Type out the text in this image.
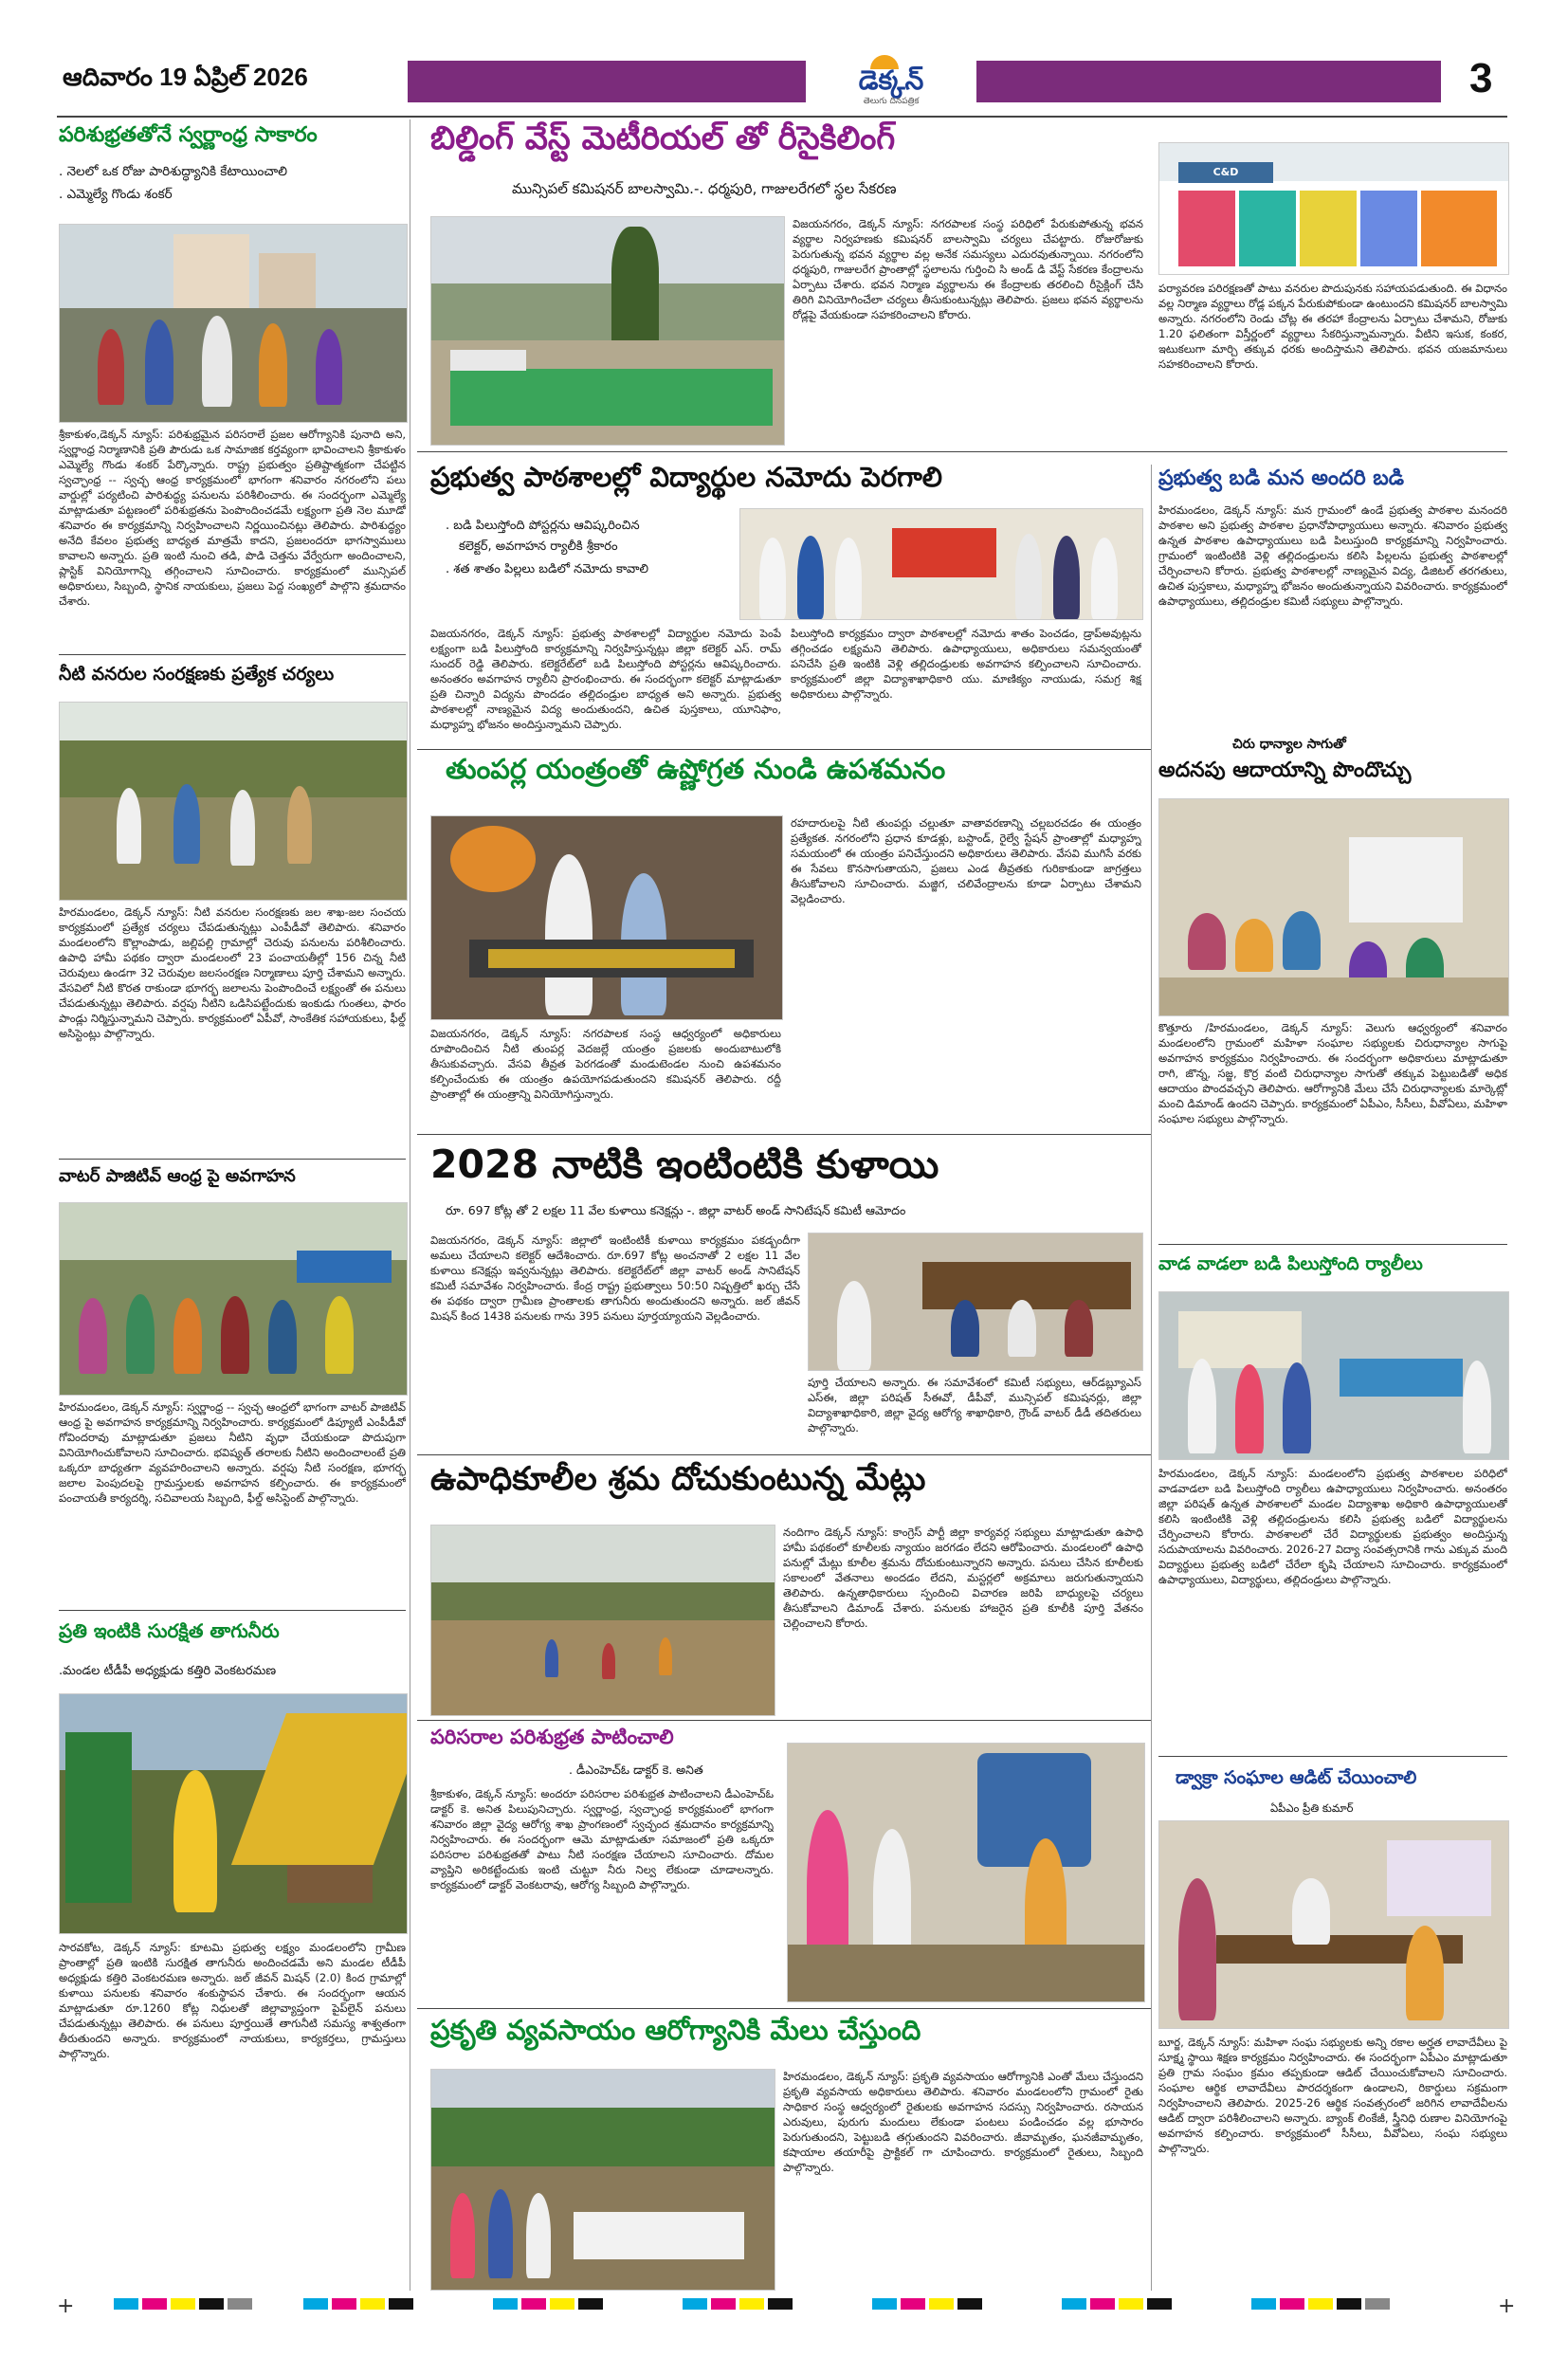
ఆదివారం 19 ఏప్రిల్ 2026	డెక్కన్
తెలుగు దినపత్రిక	3
పరిశుభ్రతతోనే స్వర్ణాంధ్ర సాకారం
. నెలలో ఒక రోజు పారిశుద్ధ్యానికి కేటాయించాలి
. ఎమ్మెల్యే గొండు శంకర్
శ్రీకాకుళం,డెక్కన్ న్యూస్: పరిశుభ్రమైన పరిసరాలే ప్రజల ఆరోగ్యానికి పునాది అని, స్వర్ణాంధ్ర నిర్మాణానికి ప్రతి పౌరుడు ఒక సామాజిక కర్తవ్యంగా భావించాలని శ్రీకాకుళం ఎమ్మెల్యే గొండు శంకర్ పేర్కొన్నారు. రాష్ట్ర ప్రభుత్వం ప్రతిష్టాత్మకంగా చేపట్టిన స్వచ్ఛాంధ్ర -- స్వచ్ఛ ఆంధ్ర కార్యక్రమంలో భాగంగా శనివారం నగరంలోని పలు వార్డుల్లో పర్యటించి పారిశుద్ధ్య పనులను పరిశీలించారు. ఈ సందర్భంగా ఎమ్మెల్యే మాట్లాడుతూ పట్టణంలో పరిశుభ్రతను పెంపొందించడమే లక్ష్యంగా ప్రతి నెల మూడో శనివారం ఈ కార్యక్రమాన్ని నిర్వహించాలని నిర్ణయించినట్లు తెలిపారు. పారిశుద్ధ్యం అనేది కేవలం ప్రభుత్వ బాధ్యత మాత్రమే కాదని, ప్రజలందరూ భాగస్వాములు కావాలని అన్నారు. ప్రతి ఇంటి నుంచి తడి, పొడి చెత్తను వేర్వేరుగా అందించాలని, ప్లాస్టిక్ వినియోగాన్ని తగ్గించాలని సూచించారు. కార్యక్రమంలో మున్సిపల్ అధికారులు, సిబ్బంది, స్థానిక నాయకులు, ప్రజలు పెద్ద సంఖ్యలో పాల్గొని శ్రమదానం చేశారు.
నీటి వనరుల సంరక్షణకు ప్రత్యేక చర్యలు
హిరమండలం, డెక్కన్ న్యూస్: నీటి వనరుల సంరక్షణకు జల శాఖ-జల సంచయ కార్యక్రమంలో ప్రత్యేక చర్యలు చేపడుతున్నట్లు ఎంపీడీవో తెలిపారు. శనివారం మండలంలోని కొల్లాంపాడు, జల్లిపల్లి గ్రామాల్లో చెరువు పనులను పరిశీలించారు. ఉపాధి హామీ పథకం ద్వారా మండలంలో 23 పంచాయతీల్లో 156 చిన్న నీటి చెరువులు ఉండగా 32 చెరువుల జలసంరక్షణ నిర్మాణాలు పూర్తి చేశామని అన్నారు. వేసవిలో నీటి కొరత రాకుండా భూగర్భ జలాలను పెంపొందించే లక్ష్యంతో ఈ పనులు చేపడుతున్నట్లు తెలిపారు. వర్షపు నీటిని ఒడిసిపట్టేందుకు ఇంకుడు గుంతలు, ఫారం పాండ్లు నిర్మిస్తున్నామని చెప్పారు. కార్యక్రమంలో ఏపీవో, సాంకేతిక సహాయకులు, ఫీల్డ్ అసిస్టెంట్లు పాల్గొన్నారు.
వాటర్ పాజిటివ్ ఆంధ్ర పై అవగాహన
హిరమండలం, డెక్కన్ న్యూస్: స్వర్ణాంధ్ర -- స్వచ్ఛ ఆంధ్రలో భాగంగా వాటర్ పాజిటివ్ ఆంధ్ర పై అవగాహన కార్యక్రమాన్ని నిర్వహించారు. కార్యక్రమంలో డిప్యూటీ ఎంపీడీవో గోవిందరావు మాట్లాడుతూ ప్రజలు నీటిని వృధా చేయకుండా పొదుపుగా వినియోగించుకోవాలని సూచించారు. భవిష్యత్ తరాలకు నీటిని అందించాలంటే ప్రతి ఒక్కరూ బాధ్యతగా వ్యవహరించాలని అన్నారు. వర్షపు నీటి సంరక్షణ, భూగర్భ జలాల పెంపుదలపై గ్రామస్తులకు అవగాహన కల్పించారు. ఈ కార్యక్రమంలో పంచాయతీ కార్యదర్శి, సచివాలయ సిబ్బంది, ఫీల్డ్ అసిస్టెంట్ పాల్గొన్నారు.
ప్రతి ఇంటికి సురక్షిత తాగునీరు
.మండల టీడీపీ అధ్యక్షుడు కత్తిరి వెంకటరమణ
సారవకోట, డెక్కన్ న్యూస్: కూటమి ప్రభుత్వ లక్ష్యం మండలంలోని గ్రామీణ ప్రాంతాల్లో ప్రతి ఇంటికి సురక్షిత తాగునీరు అందించడమే అని మండల టీడీపీ అధ్యక్షుడు కత్తిరి వెంకటరమణ అన్నారు. జల్ జీవన్ మిషన్ (2.0) కింద గ్రామాల్లో కుళాయి పనులకు శనివారం శంకుస్థాపన చేశారు. ఈ సందర్భంగా ఆయన మాట్లాడుతూ రూ.1260 కోట్ల నిధులతో జిల్లావ్యాప్తంగా పైప్‌లైన్ పనులు చేపడుతున్నట్లు తెలిపారు. ఈ పనులు పూర్తయితే తాగునీటి సమస్య శాశ్వతంగా తీరుతుందని అన్నారు. కార్యక్రమంలో నాయకులు, కార్యకర్తలు, గ్రామస్తులు పాల్గొన్నారు.
బిల్డింగ్ వేస్ట్ మెటీరియల్ తో రీసైకిలింగ్
మున్సిపల్ కమిషనర్ బాలస్వామి.-. ధర్మపురి, గాజులరేగలో స్థల సేకరణ
విజయనగరం, డెక్కన్ న్యూస్: నగరపాలక సంస్థ పరిధిలో పేరుకుపోతున్న భవన వ్యర్థాల నిర్వహణకు కమిషనర్ బాలస్వామి చర్యలు చేపట్టారు. రోజురోజుకు పెరుగుతున్న భవన వ్యర్థాల వల్ల అనేక సమస్యలు ఎదురవుతున్నాయి. నగరంలోని ధర్మపురి, గాజులరేగ ప్రాంతాల్లో స్థలాలను గుర్తించి సి అండ్ డి వేస్ట్ సేకరణ కేంద్రాలను ఏర్పాటు చేశారు. భవన నిర్మాణ వ్యర్థాలను ఈ కేంద్రాలకు తరలించి రీసైక్లింగ్ చేసి తిరిగి వినియోగించేలా చర్యలు తీసుకుంటున్నట్లు తెలిపారు. ప్రజలు భవన వ్యర్థాలను రోడ్లపై వేయకుండా సహకరించాలని కోరారు.
C&D
పర్యావరణ పరిరక్షణతో పాటు వనరుల పొదుపునకు సహాయపడుతుంది. ఈ విధానం వల్ల నిర్మాణ వ్యర్థాలు రోడ్ల పక్కన పేరుకుపోకుండా ఉంటుందని కమిషనర్ బాలస్వామి అన్నారు. నగరంలోని రెండు చోట్ల ఈ తరహా కేంద్రాలను ఏర్పాటు చేశామని, రోజుకు 1.20 ఫలితంగా విస్తీర్ణంలో వ్యర్థాలు సేకరిస్తున్నామన్నారు. వీటిని ఇసుక, కంకర, ఇటుకలుగా మార్చి తక్కువ ధరకు అందిస్తామని తెలిపారు. భవన యజమానులు సహకరించాలని కోరారు.
ప్రభుత్వ పాఠశాలల్లో విద్యార్థుల నమోదు పెరగాలి
. బడి పిలుస్తోంది పోస్టర్లను ఆవిష్కరించిన
కలెక్టర్, అవగాహన ర్యాలీకి శ్రీకారం
. శత శాతం పిల్లలు బడిలో నమోదు కావాలి
విజయనగరం, డెక్కన్ న్యూస్: ప్రభుత్వ పాఠశాలల్లో విద్యార్థుల నమోదు పెంపే లక్ష్యంగా బడి పిలుస్తోంది కార్యక్రమాన్ని నిర్వహిస్తున్నట్లు జిల్లా కలెక్టర్ ఎస్. రామ్ సుందర్ రెడ్డి తెలిపారు. కలెక్టరేట్‌లో బడి పిలుస్తోంది పోస్టర్లను ఆవిష్కరించారు. అనంతరం అవగాహన ర్యాలీని ప్రారంభించారు. ఈ సందర్భంగా కలెక్టర్ మాట్లాడుతూ ప్రతి చిన్నారి విద్యను పొందడం తల్లిదండ్రుల బాధ్యత అని అన్నారు. ప్రభుత్వ పాఠశాలల్లో నాణ్యమైన విద్య అందుతుందని, ఉచిత పుస్తకాలు, యూనిఫాం, మధ్యాహ్న భోజనం అందిస్తున్నామని చెప్పారు.
పిలుస్తోంది కార్యక్రమం ద్వారా పాఠశాలల్లో నమోదు శాతం పెంచడం, డ్రాప్‌అవుట్లను తగ్గించడం లక్ష్యమని తెలిపారు. ఉపాధ్యాయులు, అధికారులు సమన్వయంతో పనిచేసి ప్రతి ఇంటికి వెళ్లి తల్లిదండ్రులకు అవగాహన కల్పించాలని సూచించారు. కార్యక్రమంలో జిల్లా విద్యాశాఖాధికారి యు. మాణిక్యం నాయుడు, సమగ్ర శిక్ష అధికారులు పాల్గొన్నారు.
ప్రభుత్వ బడి మన అందరి బడి
హిరమండలం, డెక్కన్ న్యూస్: మన గ్రామంలో ఉండే ప్రభుత్వ పాఠశాల మనందరి పాఠశాల అని ప్రభుత్వ పాఠశాల ప్రధానోపాధ్యాయులు అన్నారు. శనివారం ప్రభుత్వ ఉన్నత పాఠశాల ఉపాధ్యాయులు బడి పిలుస్తుంది కార్యక్రమాన్ని నిర్వహించారు. గ్రామంలో ఇంటింటికి వెళ్లి తల్లిదండ్రులను కలిసి పిల్లలను ప్రభుత్వ పాఠశాలల్లో చేర్పించాలని కోరారు. ప్రభుత్వ పాఠశాలల్లో నాణ్యమైన విద్య, డిజిటల్ తరగతులు, ఉచిత పుస్తకాలు, మధ్యాహ్న భోజనం అందుతున్నాయని వివరించారు. కార్యక్రమంలో ఉపాధ్యాయులు, తల్లిదండ్రుల కమిటీ సభ్యులు పాల్గొన్నారు.
తుంపర్ల యంత్రంతో ఉష్ణోగ్రత నుండి ఉపశమనం
రహదారులపై నీటి తుంపర్లు చల్లుతూ వాతావరణాన్ని చల్లబరచడం ఈ యంత్రం ప్రత్యేకత. నగరంలోని ప్రధాన కూడళ్లు, బస్టాండ్, రైల్వే స్టేషన్ ప్రాంతాల్లో మధ్యాహ్న సమయంలో ఈ యంత్రం పనిచేస్తుందని అధికారులు తెలిపారు. వేసవి ముగిసే వరకు ఈ సేవలు కొనసాగుతాయని, ప్రజలు ఎండ తీవ్రతకు గురికాకుండా జాగ్రత్తలు తీసుకోవాలని సూచించారు. మజ్జిగ, చలివేంద్రాలను కూడా ఏర్పాటు చేశామని వెల్లడించారు.
విజయనగరం, డెక్కన్ న్యూస్: నగరపాలక సంస్థ ఆధ్వర్యంలో అధికారులు రూపొందించిన నీటి తుంపర్ల వెదజల్లే యంత్రం ప్రజలకు అందుబాటులోకి తీసుకువచ్చారు. వేసవి తీవ్రత పెరగడంతో మండుటెండల నుంచి ఉపశమనం కల్పించేందుకు ఈ యంత్రం ఉపయోగపడుతుందని కమిషనర్ తెలిపారు. రద్దీ ప్రాంతాల్లో ఈ యంత్రాన్ని వినియోగిస్తున్నారు.
చిరు ధాన్యాల సాగుతో
అదనపు ఆదాయాన్ని పొందొచ్చు
కొత్తూరు /హిరమండలం, డెక్కన్ న్యూస్: వెలుగు ఆధ్వర్యంలో శనివారం మండలంలోని గ్రామంలో మహిళా సంఘాల సభ్యులకు చిరుధాన్యాల సాగుపై అవగాహన కార్యక్రమం నిర్వహించారు. ఈ సందర్భంగా అధికారులు మాట్లాడుతూ రాగి, జొన్న, సజ్జ, కొర్ర వంటి చిరుధాన్యాల సాగుతో తక్కువ పెట్టుబడితో అధిక ఆదాయం పొందవచ్చని తెలిపారు. ఆరోగ్యానికి మేలు చేసే చిరుధాన్యాలకు మార్కెట్లో మంచి డిమాండ్ ఉందని చెప్పారు. కార్యక్రమంలో ఏపీఎం, సీసీలు, వీవోఏలు, మహిళా సంఘాల సభ్యులు పాల్గొన్నారు.
2028 నాటికి ఇంటింటికి కుళాయి
రూ. 697 కోట్ల తో 2 లక్షల 11 వేల కుళాయి కనెక్షన్లు -. జిల్లా వాటర్ అండ్ సానిటేషన్ కమిటీ ఆమోదం
విజయనగరం, డెక్కన్ న్యూస్: జిల్లాలో ఇంటింటికీ కుళాయి కార్యక్రమం పకడ్బందీగా అమలు చేయాలని కలెక్టర్ ఆదేశించారు. రూ.697 కోట్ల అంచనాతో 2 లక్షల 11 వేల కుళాయి కనెక్షన్లు ఇవ్వనున్నట్లు తెలిపారు. కలెక్టరేట్‌లో జిల్లా వాటర్ అండ్ సానిటేషన్ కమిటీ సమావేశం నిర్వహించారు. కేంద్ర రాష్ట్ర ప్రభుత్వాలు 50:50 నిష్పత్తిలో ఖర్చు చేసే ఈ పథకం ద్వారా గ్రామీణ ప్రాంతాలకు తాగునీరు అందుతుందని అన్నారు. జల్ జీవన్ మిషన్ కింద 1438 పనులకు గాను 395 పనులు పూర్తయ్యాయని వెల్లడించారు.
పూర్తి చేయాలని అన్నారు. ఈ సమావేశంలో కమిటీ సభ్యులు, ఆర్‌డబ్ల్యూఎస్ ఎస్‌ఈ, జిల్లా పరిషత్ సీఈవో, డీపీవో, మున్సిపల్ కమిషనర్లు, జిల్లా విద్యాశాఖాధికారి, జిల్లా వైద్య ఆరోగ్య శాఖాధికారి, గ్రౌండ్ వాటర్ డీడీ తదితరులు పాల్గొన్నారు.
వాడ వాడలా బడి పిలుస్తోంది ర్యాలీలు
హిరమండలం, డెక్కన్ న్యూస్: మండలంలోని ప్రభుత్వ పాఠశాలల పరిధిలో వాడవాడలా బడి పిలుస్తోంది ర్యాలీలు ఉపాధ్యాయులు నిర్వహించారు. అనంతరం జిల్లా పరిషత్ ఉన్నత పాఠశాలలో మండల విద్యాశాఖ అధికారి ఉపాధ్యాయులతో కలిసి ఇంటింటికి వెళ్లి తల్లిదండ్రులను కలిసి ప్రభుత్వ బడిలో విద్యార్థులను చేర్పించాలని కోరారు. పాఠశాలలో చేరే విద్యార్థులకు ప్రభుత్వం అందిస్తున్న సదుపాయాలను వివరించారు. 2026-27 విద్యా సంవత్సరానికి గాను ఎక్కువ మంది విద్యార్థులు ప్రభుత్వ బడిలో చేరేలా కృషి చేయాలని సూచించారు. కార్యక్రమంలో ఉపాధ్యాయులు, విద్యార్థులు, తల్లిదండ్రులు పాల్గొన్నారు.
ఉపాధికూలీల శ్రమ దోచుకుంటున్న మేట్లు
నందిగాం డెక్కన్ న్యూస్: కాంగ్రెస్ పార్టీ జిల్లా కార్యవర్గ సభ్యులు మాట్లాడుతూ ఉపాధి హామీ పథకంలో కూలీలకు న్యాయం జరగడం లేదని ఆరోపించారు. మండలంలో ఉపాధి పనుల్లో మేట్లు కూలీల శ్రమను దోచుకుంటున్నారని అన్నారు. పనులు చేసిన కూలీలకు సకాలంలో వేతనాలు అందడం లేదని, మస్టర్లలో అక్రమాలు జరుగుతున్నాయని తెలిపారు. ఉన్నతాధికారులు స్పందించి విచారణ జరిపి బాధ్యులపై చర్యలు తీసుకోవాలని డిమాండ్ చేశారు. పనులకు హాజరైన ప్రతి కూలీకి పూర్తి వేతనం చెల్లించాలని కోరారు.
పరిసరాల పరిశుభ్రత పాటించాలి
. డీఎంహెచ్‌ఓ డాక్టర్ కె. అనిత
శ్రీకాకుళం, డెక్కన్ న్యూస్: అందరూ పరిసరాల పరిశుభ్రత పాటించాలని డీఎంహెచ్‌ఓ డాక్టర్ కె. అనిత పిలుపునిచ్చారు. స్వర్ణాంధ్ర, స్వచ్ఛాంధ్ర కార్యక్రమంలో భాగంగా శనివారం జిల్లా వైద్య ఆరోగ్య శాఖ ప్రాంగణంలో స్వచ్ఛంద శ్రమదానం కార్యక్రమాన్ని నిర్వహించారు. ఈ సందర్భంగా ఆమె మాట్లాడుతూ సమాజంలో ప్రతి ఒక్కరూ పరిసరాల పరిశుభ్రతతో పాటు నీటి సంరక్షణ చేయాలని సూచించారు. దోమల వ్యాప్తిని అరికట్టేందుకు ఇంటి చుట్టూ నీరు నిల్వ లేకుండా చూడాలన్నారు. కార్యక్రమంలో డాక్టర్ వెంకటరావు, ఆరోగ్య సిబ్బంది పాల్గొన్నారు.
డ్వాక్రా సంఘాల ఆడిట్ చేయించాలి
ఏపీఎం ప్రీతి కుమార్
బూర్జ, డెక్కన్ న్యూస్: మహిళా సంఘ సభ్యులకు అన్ని రకాల అర్హత లావాదేవీలు పై సూక్ష్మ స్థాయి శిక్షణ కార్యక్రమం నిర్వహించారు. ఈ సందర్భంగా ఏపీఎం మాట్లాడుతూ ప్రతి గ్రామ సంఘం క్రమం తప్పకుండా ఆడిట్ చేయించుకోవాలని సూచించారు. సంఘాల ఆర్థిక లావాదేవీలు పారదర్శకంగా ఉండాలని, రికార్డులు సక్రమంగా నిర్వహించాలని తెలిపారు. 2025-26 ఆర్థిక సంవత్సరంలో జరిగిన లావాదేవీలను ఆడిట్ ద్వారా పరిశీలించాలని అన్నారు. బ్యాంక్ లింకేజీ, స్త్రీనిధి రుణాల వినియోగంపై అవగాహన కల్పించారు. కార్యక్రమంలో సీసీలు, వీవోఏలు, సంఘ సభ్యులు పాల్గొన్నారు.
ప్రకృతి వ్యవసాయం ఆరోగ్యానికి మేలు చేస్తుంది
హిరమండలం, డెక్కన్ న్యూస్: ప్రకృతి వ్యవసాయం ఆరోగ్యానికి ఎంతో మేలు చేస్తుందని ప్రకృతి వ్యవసాయ అధికారులు తెలిపారు. శనివారం మండలంలోని గ్రామంలో రైతు సాధికార సంస్థ ఆధ్వర్యంలో రైతులకు అవగాహన సదస్సు నిర్వహించారు. రసాయన ఎరువులు, పురుగు మందులు లేకుండా పంటలు పండించడం వల్ల భూసారం పెరుగుతుందని, పెట్టుబడి తగ్గుతుందని వివరించారు. జీవామృతం, ఘనజీవామృతం, కషాయాల తయారీపై ప్రాక్టికల్ గా చూపించారు. కార్యక్రమంలో రైతులు, సిబ్బంది పాల్గొన్నారు.
+	+
